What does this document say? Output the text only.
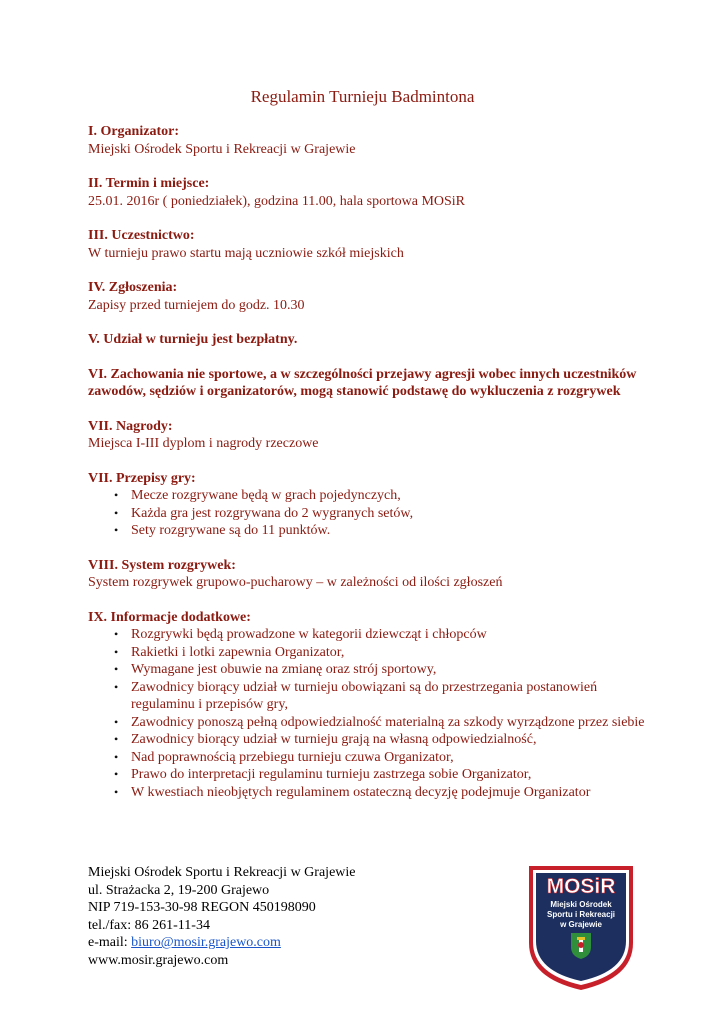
Regulamin Turnieju Badmintona
I. Organizator:
Miejski Ośrodek Sportu i Rekreacji w Grajewie
II. Termin i miejsce:
25.01. 2016r ( poniedziałek), godzina 11.00, hala sportowa MOSiR
III. Uczestnictwo:
W turnieju prawo startu mają uczniowie szkół miejskich
IV. Zgłoszenia:
Zapisy przed turniejem do godz. 10.30
V. Udział w turnieju jest bezpłatny.
VI. Zachowania nie sportowe, a w szczególności przejawy agresji wobec innych uczestników zawodów, sędziów i organizatorów, mogą stanowić podstawę do wykluczenia z rozgrywek
VII. Nagrody:
Miejsca I-III dyplom i nagrody rzeczowe
VII. Przepisy gry:
• Mecze rozgrywane będą w grach pojedynczych,
• Każda gra jest rozgrywana do 2 wygranych setów,
• Sety rozgrywane są do 11 punktów.
VIII. System rozgrywek:
System rozgrywek grupowo-pucharowy – w zależności od ilości zgłoszeń
IX. Informacje dodatkowe:
• Rozgrywki będą prowadzone w kategorii dziewcząt i chłopców
• Rakietki i lotki zapewnia Organizator,
• Wymagane jest obuwie na zmianę oraz strój sportowy,
• Zawodnicy biorący udział w turnieju obowiązani są do przestrzegania postanowień regulaminu i przepisów gry,
• Zawodnicy ponoszą pełną odpowiedzialność materialną za szkody wyrządzone przez siebie
• Zawodnicy biorący udział w turnieju grają na własną odpowiedzialność,
• Nad poprawnością przebiegu turnieju czuwa Organizator,
• Prawo do interpretacji regulaminu turnieju zastrzega sobie Organizator,
• W kwestiach nieobjętych regulaminem ostateczną decyzję podejmuje Organizator
Miejski Ośrodek Sportu i Rekreacji w Grajewie
ul. Strażacka 2, 19-200 Grajewo
NIP 719-153-30-98 REGON 450198090
tel./fax: 86 261-11-34
e-mail: biuro@mosir.grajewo.com
www.mosir.grajewo.com
MOSiR
Miejski Ośrodek
Sportu i Rekreacji
w Grajewie
